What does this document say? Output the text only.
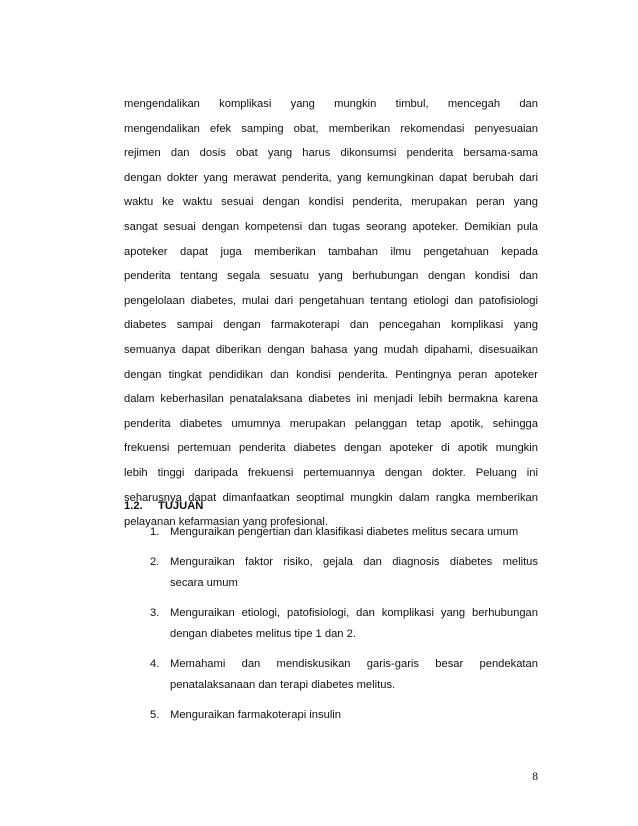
mengendalikan komplikasi yang mungkin timbul, mencegah dan
mengendalikan efek samping obat, memberikan rekomendasi penyesuaian
rejimen dan dosis obat yang harus dikonsumsi penderita bersama-sama
dengan dokter yang merawat penderita, yang kemungkinan dapat berubah dari
waktu ke waktu sesuai dengan kondisi penderita, merupakan peran yang
sangat sesuai dengan kompetensi dan tugas seorang apoteker. Demikian pula
apoteker dapat juga memberikan tambahan ilmu pengetahuan kepada
penderita tentang segala sesuatu yang berhubungan dengan kondisi dan
pengelolaan diabetes, mulai dari pengetahuan tentang etiologi dan patofisiologi
diabetes sampai dengan farmakoterapi dan pencegahan komplikasi yang
semuanya dapat diberikan dengan bahasa yang mudah dipahami, disesuaikan
dengan tingkat pendidikan dan kondisi penderita. Pentingnya peran apoteker
dalam keberhasilan penatalaksana diabetes ini menjadi lebih bermakna karena
penderita diabetes umumnya merupakan pelanggan tetap apotik, sehingga
frekuensi pertemuan penderita diabetes dengan apoteker di apotik mungkin
lebih tinggi daripada frekuensi pertemuannya dengan dokter. Peluang ini
seharusnya dapat dimanfaatkan seoptimal mungkin dalam rangka memberikan
pelayanan kefarmasian yang profesional.
1.2. TUJUAN
1. Menguraikan pengertian dan klasifikasi diabetes melitus secara umum
2. Menguraikan faktor risiko, gejala dan diagnosis diabetes melitus
secara umum
3. Menguraikan etiologi, patofisiologi, dan komplikasi yang berhubungan
dengan diabetes melitus tipe 1 dan 2.
4. Memahami dan mendiskusikan garis-garis besar pendekatan
penatalaksanaan dan terapi diabetes melitus.
5. Menguraikan farmakoterapi insulin
8
